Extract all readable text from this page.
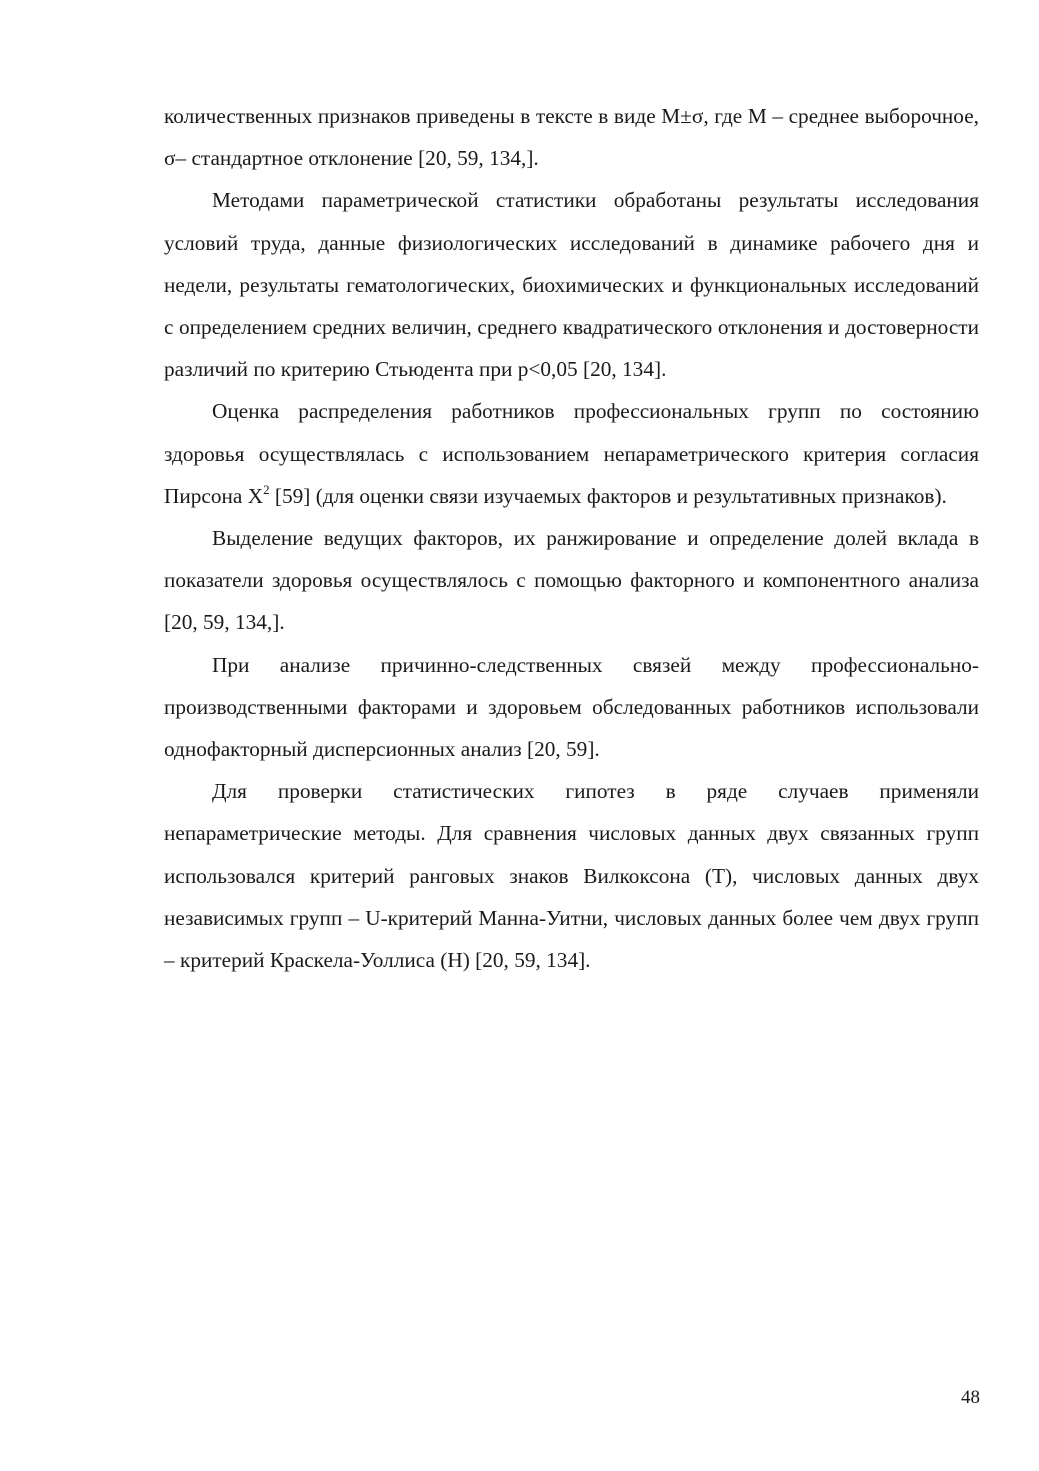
количественных признаков приведены в тексте в виде M±σ, где M – среднее выборочное, σ– стандартное отклонение [20, 59, 134,].

Методами параметрической статистики обработаны результаты исследования условий труда, данные физиологических исследований в динамике рабочего дня и недели, результаты гематологических, биохимических и функциональных исследований с определением средних величин, среднего квадратического отклонения и достоверности различий по критерию Стьюдента при p<0,05 [20, 134].

Оценка распределения работников профессиональных групп по состоянию здоровья осуществлялась с использованием непараметрического критерия согласия Пирсона $Х^2$ [59] (для оценки связи изучаемых факторов и результативных признаков).

Выделение ведущих факторов, их ранжирование и определение долей вклада в показатели здоровья осуществлялось с помощью факторного и компонентного анализа [20, 59, 134,].

При анализе причинно-следственных связей между профессионально-производственными факторами и здоровьем обследованных работников использовали однофакторный дисперсионных анализ [20, 59].

Для проверки статистических гипотез в ряде случаев применяли непараметрические методы. Для сравнения числовых данных двух связанных групп использовался критерий ранговых знаков Вилкоксона (Т), числовых данных двух независимых групп – U-критерий Манна-Уитни, числовых данных более чем двух групп – критерий Краскела-Уоллиса (Н) [20, 59, 134].

48
